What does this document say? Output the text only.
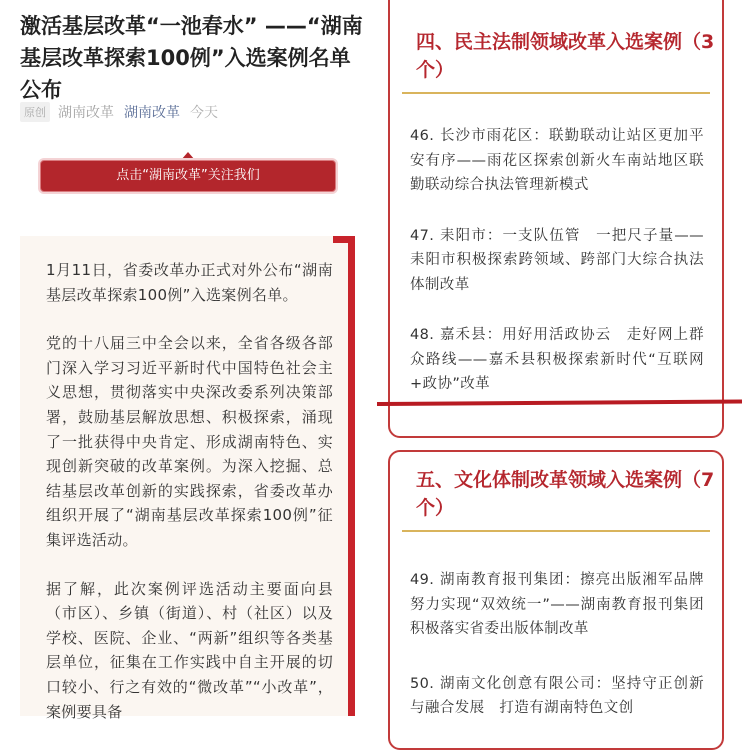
激活基层改革“一池春水” ——“湖南基层改革探索100例”入选案例名单公布
原创 湖南改革 湖南改革 今天
点击“湖南改革”关注我们

1月11日，省委改革办正式对外公布“湖南基层改革探索100例”入选案例名单。

党的十八届三中全会以来，全省各级各部门深入学习习近平新时代中国特色社会主义思想，贯彻落实中央深改委系列决策部署，鼓励基层解放思想、积极探索，涌现了一批获得中央肯定、形成湖南特色、实现创新突破的改革案例。为深入挖掘、总结基层改革创新的实践探索，省委改革办组织开展了“湖南基层改革探索100例”征集评选活动。

据了解，此次案例评选活动主要面向县（市区）、乡镇（街道）、村（社区）以及学校、医院、企业、“两新”组织等各类基层单位，征集在工作实践中自主开展的切口较小、行之有效的“微改革”“小改革”，案例要具备

四、民主法制领域改革入选案例（3个）
46. 长沙市雨花区：联勤联动让站区更加平安有序——雨花区探索创新火车南站地区联勤联动综合执法管理新模式
47. 耒阳市：一支队伍管　一把尺子量——耒阳市积极探索跨领域、跨部门大综合执法体制改革
48. 嘉禾县：用好用活政协云　走好网上群众路线——嘉禾县积极探索新时代“互联网+政协”改革
五、文化体制改革领域入选案例（7个）
49. 湖南教育报刊集团：擦亮出版湘军品牌　努力实现“双效统一”——湖南教育报刊集团积极落实省委出版体制改革
50. 湖南文化创意有限公司：坚持守正创新与融合发展　打造有湖南特色文创
